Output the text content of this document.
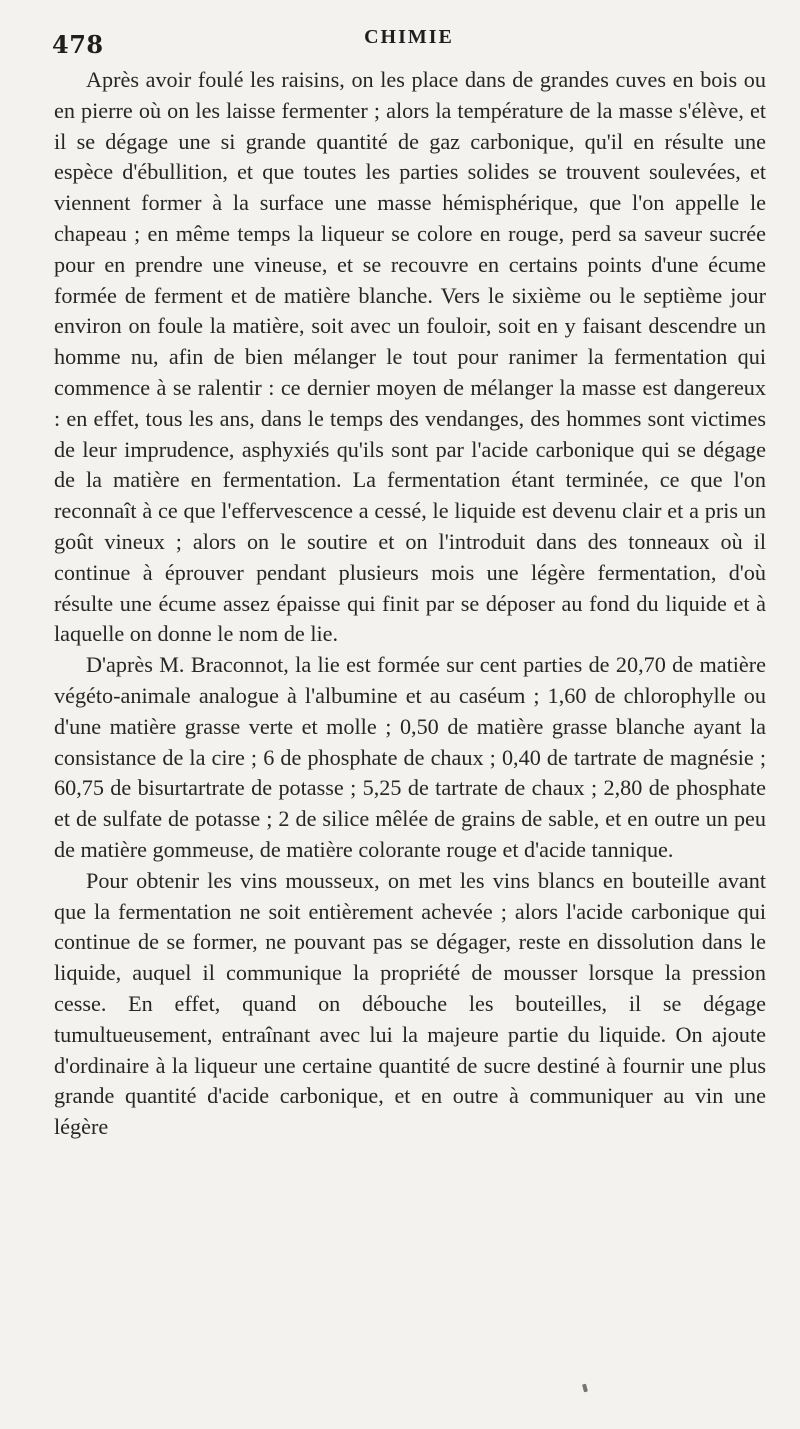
478	CHIMIE

Après avoir foulé les raisins, on les place dans de grandes cuves en bois ou en pierre où on les laisse fermenter ; alors la température de la masse s'élève, et il se dégage une si grande quantité de gaz carbonique, qu'il en résulte une espèce d'ébullition, et que toutes les parties solides se trouvent soulevées, et viennent former à la surface une masse hémisphérique, que l'on appelle le chapeau ; en même temps la liqueur se colore en rouge, perd sa saveur sucrée pour en prendre une vineuse, et se recouvre en certains points d'une écume formée de ferment et de matière blanche. Vers le sixième ou le septième jour environ on foule la matière, soit avec un fouloir, soit en y faisant descendre un homme nu, afin de bien mélanger le tout pour ranimer la fermentation qui commence à se ralentir : ce dernier moyen de mélanger la masse est dangereux : en effet, tous les ans, dans le temps des vendanges, des hommes sont victimes de leur imprudence, asphyxiés qu'ils sont par l'acide carbonique qui se dégage de la matière en fermentation. La fermentation étant terminée, ce que l'on reconnaît à ce que l'effervescence a cessé, le liquide est devenu clair et a pris un goût vineux ; alors on le soutire et on l'introduit dans des tonneaux où il continue à éprouver pendant plusieurs mois une légère fermentation, d'où résulte une écume assez épaisse qui finit par se déposer au fond du liquide et à laquelle on donne le nom de lie.

D'après M. Braconnot, la lie est formée sur cent parties de 20,70 de matière végéto-animale analogue à l'albumine et au caséum ; 1,60 de chlorophylle ou d'une matière grasse verte et molle ; 0,50 de matière grasse blanche ayant la consistance de la cire ; 6 de phosphate de chaux ; 0,40 de tartrate de magnésie ; 60,75 de bisurtartrate de potasse ; 5,25 de tartrate de chaux ; 2,80 de phosphate et de sulfate de potasse ; 2 de silice mêlée de grains de sable, et en outre un peu de matière gommeuse, de matière colorante rouge et d'acide tannique.

Pour obtenir les vins mousseux, on met les vins blancs en bouteille avant que la fermentation ne soit entièrement achevée ; alors l'acide carbonique qui continue de se former, ne pouvant pas se dégager, reste en dissolution dans le liquide, auquel il communique la propriété de mousser lorsque la pression cesse. En effet, quand on débouche les bouteilles, il se dégage tumultueusement, entraînant avec lui la majeure partie du liquide. On ajoute d'ordinaire à la liqueur une certaine quantité de sucre destiné à fournir une plus grande quantité d'acide carbonique, et en outre à communiquer au vin une légère
